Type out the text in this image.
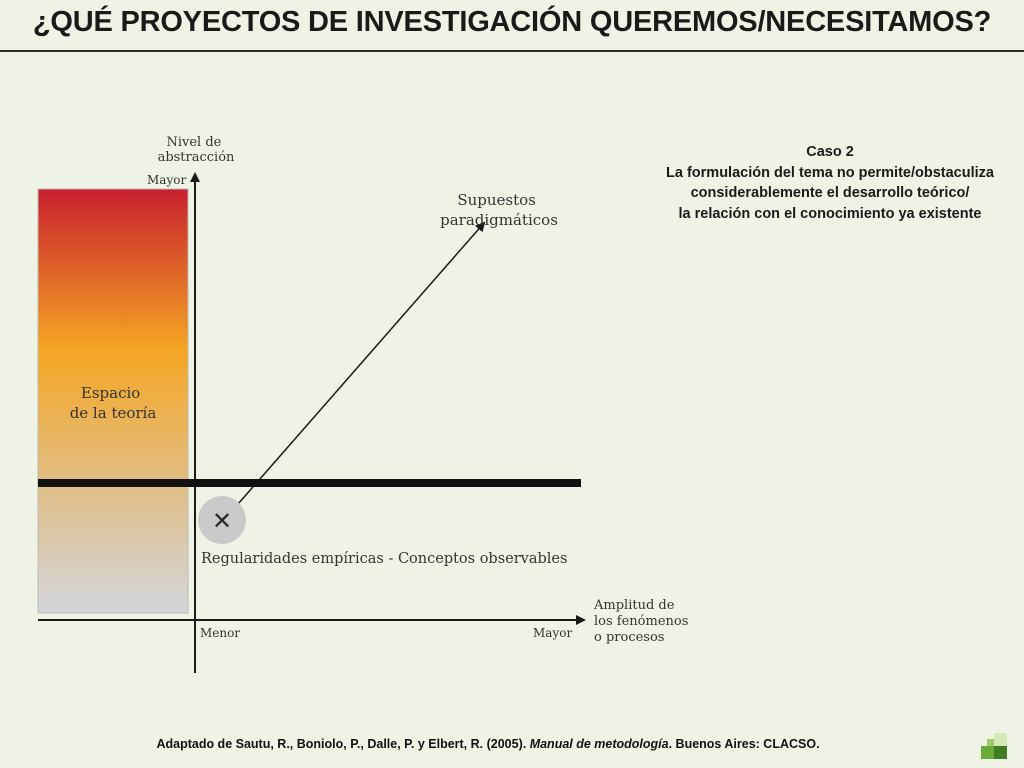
¿QUÉ PROYECTOS DE INVESTIGACIÓN QUEREMOS/NECESITAMOS?
Espacio de la teoría
Nivel de abstracción
Mayor
Amplitud de los fenómenos o procesos
Menor	Mayor
Supuestos paradigmáticos
✕
Regularidades empíricas - Conceptos observables
Caso 2
La formulación del tema no permite/obstaculiza
considerablemente el desarrollo teórico/
la relación con el conocimiento ya existente
Adaptado de Sautu, R., Boniolo, P., Dalle, P. y Elbert, R. (2005). Manual de metodología. Buenos Aires: CLACSO.
